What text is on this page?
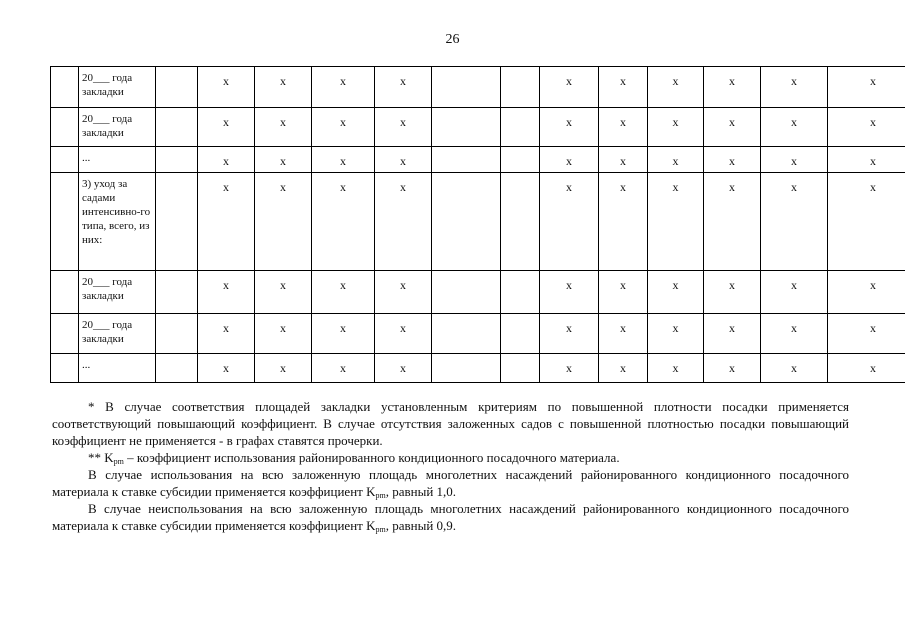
26
	20___ года закладки		x	x	x	x			x	x	x	x	x	x
	20___ года закладки		x	x	x	x			x	x	x	x	x	x
	...		x	x	x	x			x	x	x	x	x	x
	3) уход за садами интенсивно-го типа, всего, из них:		x	x	x	x			x	x	x	x	x	x
	20___ года закладки		x	x	x	x			x	x	x	x	x	x
	20___ года закладки		x	x	x	x			x	x	x	x	x	x
	...		x	x	x	x			x	x	x	x	x	x

* В случае соответствия площадей закладки установленным критериям по повышенной плотности посадки применяется соответствующий повышающий коэффициент. В случае отсутствия заложенных садов с повышенной плотностью посадки повышающий коэффициент не применяется - в графах ставятся прочерки.

** $K_{pm}$ – коэффициент использования районированного кондиционного посадочного материала.

В случае использования на всю заложенную площадь многолетних насаждений районированного кондиционного посадочного материала к ставке субсидии применяется коэффициент $K_{pm}$, равный 1,0.

В случае неиспользования на всю заложенную площадь многолетних насаждений районированного кондиционного посадочного материала к ставке субсидии применяется коэффициент $K_{pm}$, равный 0,9.
